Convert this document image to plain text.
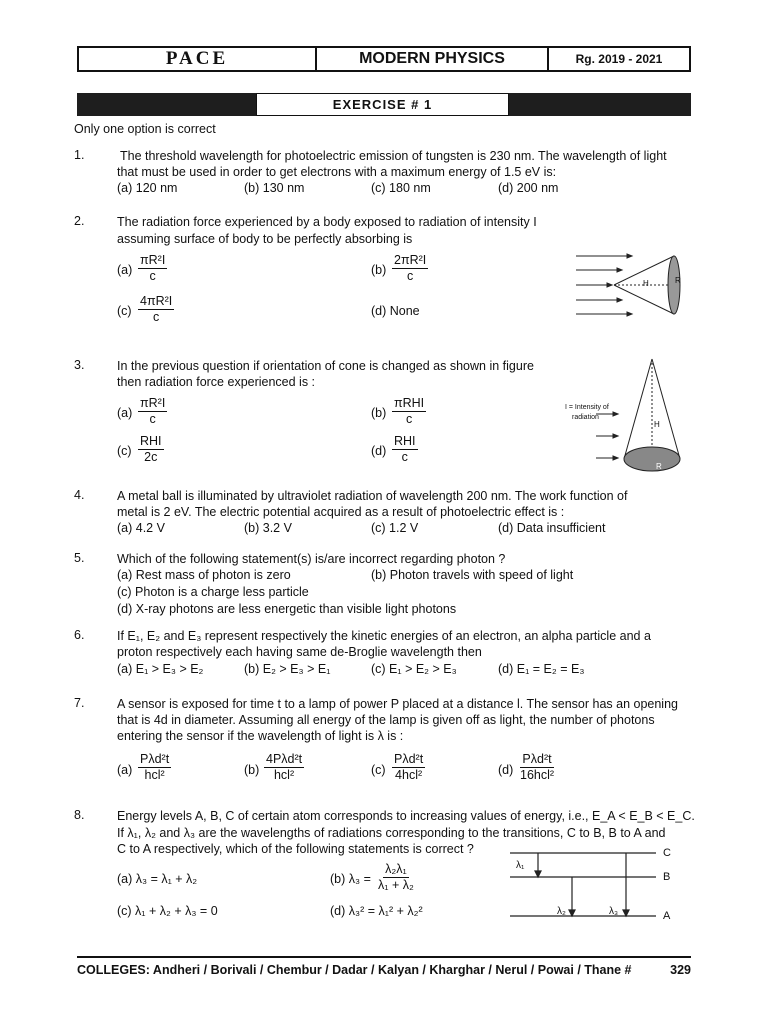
PACE	MODERN PHYSICS	Rg. 2019 - 2021
EXERCISE # 1
Only one option is correct
1.	The threshold wavelength for photoelectric emission of tungsten is 230 nm. The wavelength of light
that must be used in order to get electrons with a maximum energy of 1.5 eV is:
(a) 120 nm	(b) 130 nm	(c) 180 nm	(d) 200 nm
2.	The radiation force experienced by a body exposed to radiation of intensity I
assuming surface of body to be perfectly absorbing is
$(a) \frac{\text{πR²I}}{c}$	$(b) \frac{\text{2πR²I}}{c}$
$(c) \frac{\text{4πR²I}}{c}$	(d) None
H	R
3.	In the previous question if orientation of cone is changed as shown in figure
then radiation force experienced is :
$(a) \frac{\text{πR²I}}{c}$	(b)
πRHI
c
(c)
RHI
2c	(d)
RHI
c
I = Intensity of
radiation
H
R
4.	A metal ball is illuminated by ultraviolet radiation of wavelength 200 nm. The work function of
metal is 2 eV. The electric potential acquired as a result of photoelectric effect is :
(a) 4.2 V	(b) 3.2 V	(c) 1.2 V	(d) Data insufficient
5.	Which of the following statement(s) is/are incorrect regarding photon ?
(a) Rest mass of photon is zero	(b) Photon travels with speed of light
(c) Photon is a charge less particle
(d) X-ray photons are less energetic than visible light photons
6.	If E₁, E₂ and E₃ represent respectively the kinetic energies of an electron, an alpha particle and a
proton respectively each having same de-Broglie wavelength then
(a) E₁ > E₃ > E₂	(b) E₂ > E₃ > E₁	(c) E₁ > E₂ > E₃	(d) E₁ = E₂ = E₃
7.	A sensor is exposed for time t to a lamp of power P placed at a distance l. The sensor has an opening
that is 4d in diameter. Assuming all energy of the lamp is given off as light, the number of photons
entering the sensor if the wavelength of light is λ is :
(a)
Pλd²t
hcl²	(b)
4Pλd²t
hcl²	(c)
Pλd²t
4hcl²	(d)
Pλd²t
16hcl²
8.	Energy levels A, B, C of certain atom corresponds to increasing values of energy, i.e., E_A < E_B < E_C.
If λ₁, λ₂ and λ₃ are the wavelengths of radiations corresponding to the transitions, C to B, B to A and
C to A respectively, which of the following statements is correct ?
(a) λ₃ = λ₁ + λ₂	(b) $\lambda_3 = \frac{\text{λ₂λ₁}}{\text{λ₁ + λ₂}}$
(c) λ₁ + λ₂ + λ₃ = 0	(d) λ₃² = λ₁² + λ₂²
C
B
A
λ₁
λ₂	λ₃
COLLEGES: Andheri / Borivali / Chembur / Dadar / Kalyan / Kharghar / Nerul / Powai / Thane #	329
